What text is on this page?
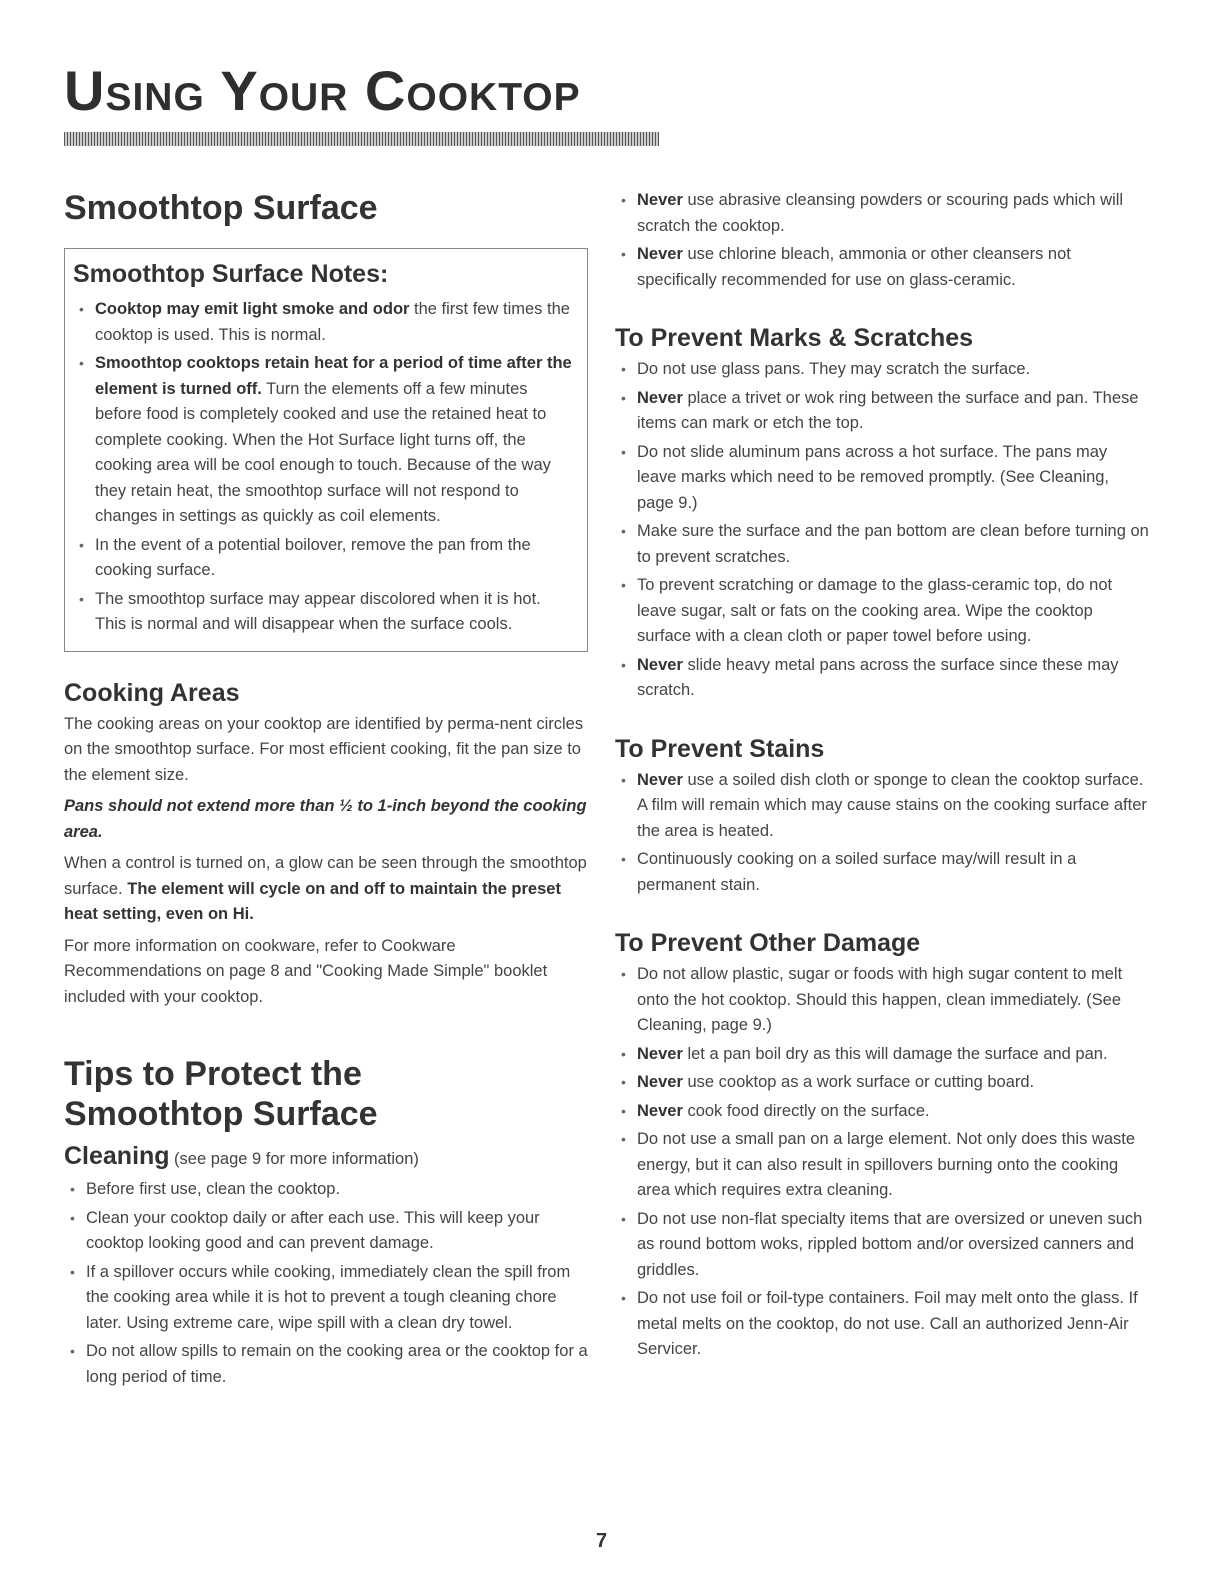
Using Your Cooktop
Smoothtop Surface
Smoothtop Surface Notes:
• Cooktop may emit light smoke and odor the first few times the cooktop is used. This is normal.
• Smoothtop cooktops retain heat for a period of time after the element is turned off. Turn the elements off a few minutes before food is completely cooked and use the retained heat to complete cooking. When the Hot Surface light turns off, the cooking area will be cool enough to touch. Because of the way they retain heat, the smoothtop surface will not respond to changes in settings as quickly as coil elements.
• In the event of a potential boilover, remove the pan from the cooking surface.
• The smoothtop surface may appear discolored when it is hot. This is normal and will disappear when the surface cools.
Cooking Areas

The cooking areas on your cooktop are identified by perma-nent circles on the smoothtop surface. For most efficient cooking, fit the pan size to the element size.

Pans should not extend more than ½ to 1-inch beyond the cooking area.

When a control is turned on, a glow can be seen through the smoothtop surface. The element will cycle on and off to maintain the preset heat setting, even on Hi.

For more information on cookware, refer to Cookware Recommendations on page 8 and "Cooking Made Simple" booklet included with your cooktop.

Tips to Protect the
Smoothtop Surface
Cleaning (see page 9 for more information)
• Before first use, clean the cooktop.
• Clean your cooktop daily or after each use. This will keep your cooktop looking good and can prevent damage.
• If a spillover occurs while cooking, immediately clean the spill from the cooking area while it is hot to prevent a tough cleaning chore later. Using extreme care, wipe spill with a clean dry towel.
• Do not allow spills to remain on the cooking area or the cooktop for a long period of time.
• Never use abrasive cleansing powders or scouring pads which will scratch the cooktop.
• Never use chlorine bleach, ammonia or other cleansers not specifically recommended for use on glass-ceramic.
To Prevent Marks & Scratches
• Do not use glass pans. They may scratch the surface.
• Never place a trivet or wok ring between the surface and pan. These items can mark or etch the top.
• Do not slide aluminum pans across a hot surface. The pans may leave marks which need to be removed promptly. (See Cleaning, page 9.)
• Make sure the surface and the pan bottom are clean before turning on to prevent scratches.
• To prevent scratching or damage to the glass-ceramic top, do not leave sugar, salt or fats on the cooking area. Wipe the cooktop surface with a clean cloth or paper towel before using.
• Never slide heavy metal pans across the surface since these may scratch.
To Prevent Stains
• Never use a soiled dish cloth or sponge to clean the cooktop surface. A film will remain which may cause stains on the cooking surface after the area is heated.
• Continuously cooking on a soiled surface may/will result in a permanent stain.
To Prevent Other Damage
• Do not allow plastic, sugar or foods with high sugar content to melt onto the hot cooktop. Should this happen, clean immediately. (See Cleaning, page 9.)
• Never let a pan boil dry as this will damage the surface and pan.
• Never use cooktop as a work surface or cutting board.
• Never cook food directly on the surface.
• Do not use a small pan on a large element. Not only does this waste energy, but it can also result in spillovers burning onto the cooking area which requires extra cleaning.
• Do not use non-flat specialty items that are oversized or uneven such as round bottom woks, rippled bottom and/or oversized canners and griddles.
• Do not use foil or foil-type containers. Foil may melt onto the glass. If metal melts on the cooktop, do not use. Call an authorized Jenn-Air Servicer.
7
